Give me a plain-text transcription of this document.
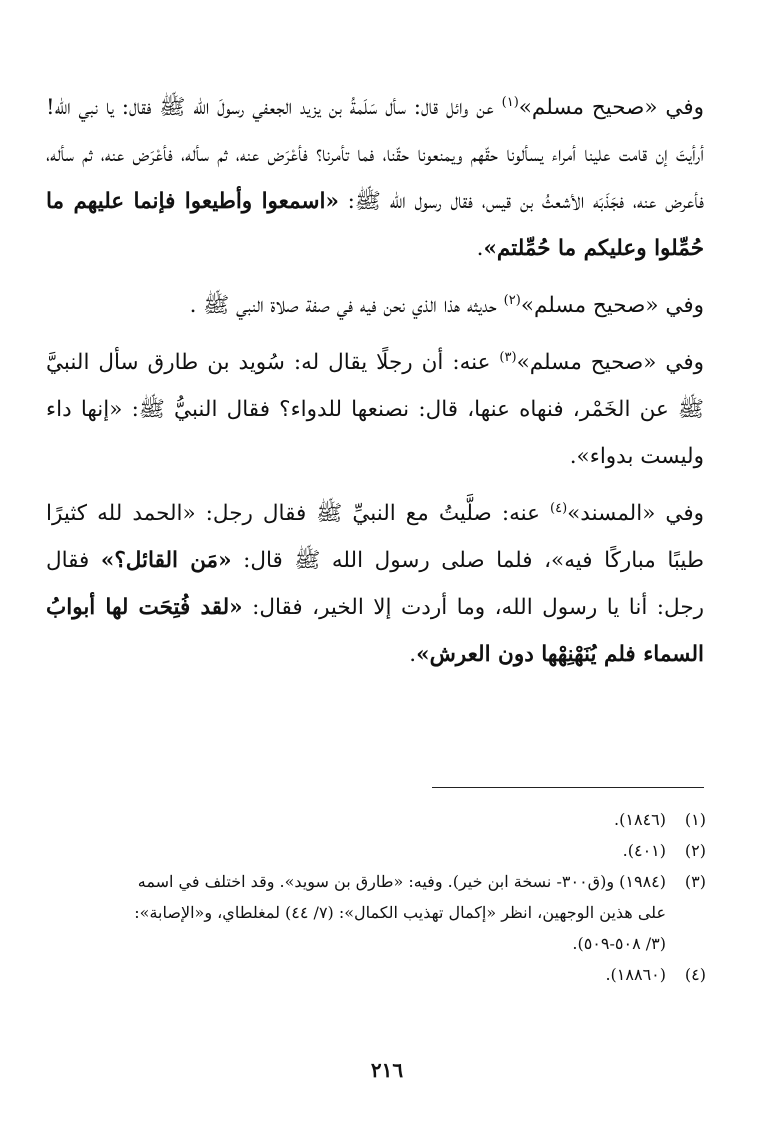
وفي «صحيح مسلم»$^{(١)}$ عن وائل قال: سأل سَلَمةُ بن يزيد الجعفي رسولَ الله ﷺ فقال: يا نبي الله! أرأيتَ إن قامت علينا أمراء يسألونا حقّهم ويمنعونا حقّنا، فما تأمرنا؟ فأعْرَض عنه، ثم سأله، فأعْرَض عنه، ثم سأله، فأعرض عنه، فجَذَبَه الأشعثُ بن قيس، فقال رسول الله ﷺ: «اسمعوا وأطيعوا فإنما عليهم ما حُمِّلوا وعليكم ما حُمِّلتم».

وفي «صحيح مسلم»$^{(٢)}$ حديثه هذا الذي نحن فيه في صفة صلاة النبي ﷺ .

وفي «صحيح مسلم»$^{(٣)}$ عنه: أن رجلًا يقال له: سُويد بن طارق سأل النبيَّ ﷺ عن الخَمْر، فنهاه عنها، قال: نصنعها للدواء؟ فقال النبيُّ ﷺ: «إنها داء وليست بدواء».

وفي «المسند»$^{(٤)}$ عنه: صلَّيتُ مع النبيِّ ﷺ فقال رجل: «الحمد لله كثيرًا طيبًا مباركًا فيه»، فلما صلى رسول الله ﷺ قال: «مَن القائل؟» فقال رجل: أنا يا رسول الله، وما أردت إلا الخير، فقال: «لقد فُتِحَت لها أبوابُ السماء فلم يُنَهْنِهْها دون العرش».

(١)(١٨٤٦).
(٢)(٤٠١).
(٣)(١٩٨٤) و(ق٣٠٠- نسخة ابن خير). وفيه: «طارق بن سويد». وقد اختلف في اسمه
على هذين الوجهين، انظر «إكمال تهذيب الكمال»: (٧/ ٤٤) لمغلطاي، و«الإصابة»:
(٣/ ٥٠٨-٥٠٩).
(٤)(١٨٨٦٠).
٢١٦
